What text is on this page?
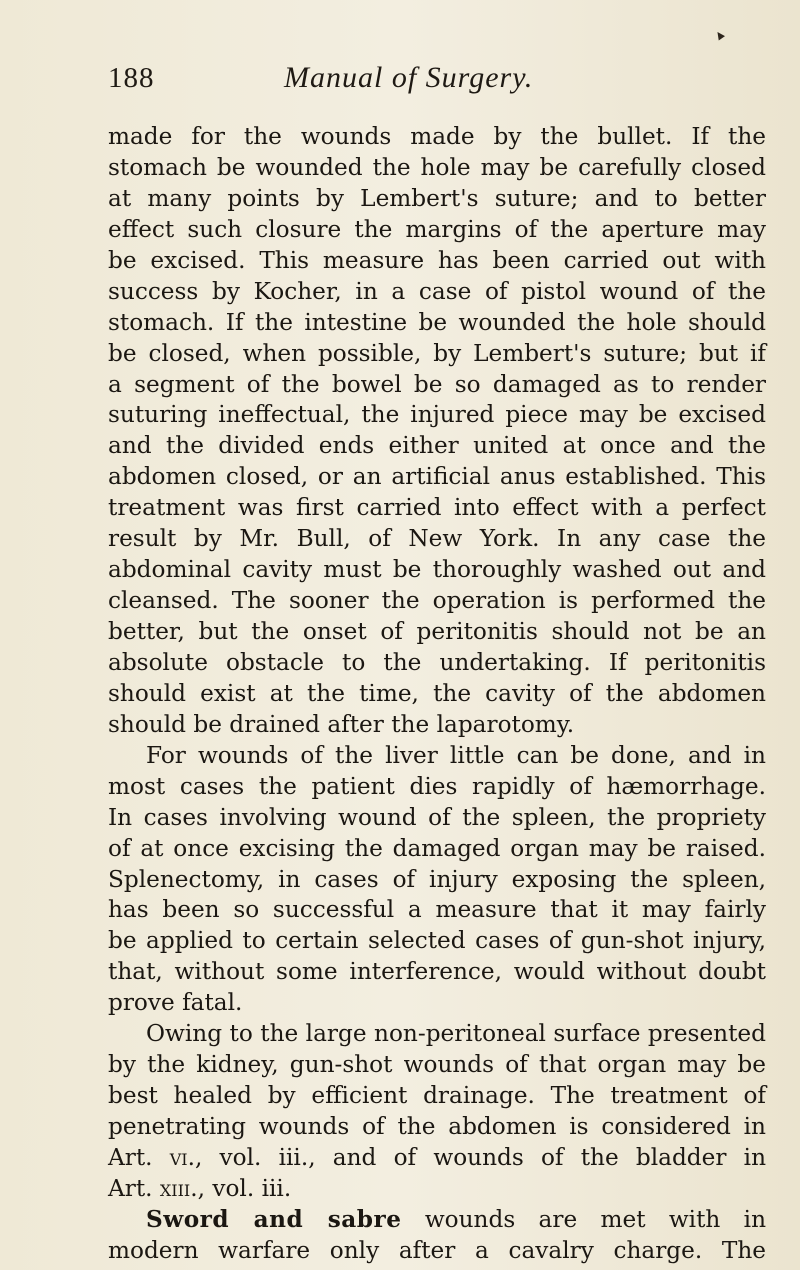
▲
188	Manual of Surgery.
made for the wounds made by the bullet. If the
stomach be wounded the hole may be carefully closed
at many points by Lembert's suture; and to better
effect such closure the margins of the aperture may
be excised. This measure has been carried out with
success by Kocher, in a case of pistol wound of the
stomach. If the intestine be wounded the hole should
be closed, when possible, by Lembert's suture; but if
a segment of the bowel be so damaged as to render
suturing ineffectual, the injured piece may be excised
and the divided ends either united at once and the
abdomen closed, or an artificial anus established. This
treatment was first carried into effect with a perfect
result by Mr. Bull, of New York. In any case the
abdominal cavity must be thoroughly washed out and
cleansed. The sooner the operation is performed the
better, but the onset of peritonitis should not be an
absolute obstacle to the undertaking. If peritonitis
should exist at the time, the cavity of the abdomen
should be drained after the laparotomy.
For wounds of the liver little can be done, and in
most cases the patient dies rapidly of hæmorrhage.
In cases involving wound of the spleen, the propriety
of at once excising the damaged organ may be raised.
Splenectomy, in cases of injury exposing the spleen,
has been so successful a measure that it may fairly
be applied to certain selected cases of gun-shot injury,
that, without some interference, would without doubt
prove fatal.
Owing to the large non-peritoneal surface presented
by the kidney, gun-shot wounds of that organ may be
best healed by efficient drainage. The treatment of
penetrating wounds of the abdomen is considered in
Art. vi., vol. iii., and of wounds of the bladder in
Art. xiii., vol. iii.
Sword and sabre wounds are met with in
modern warfare only after a cavalry charge. The
